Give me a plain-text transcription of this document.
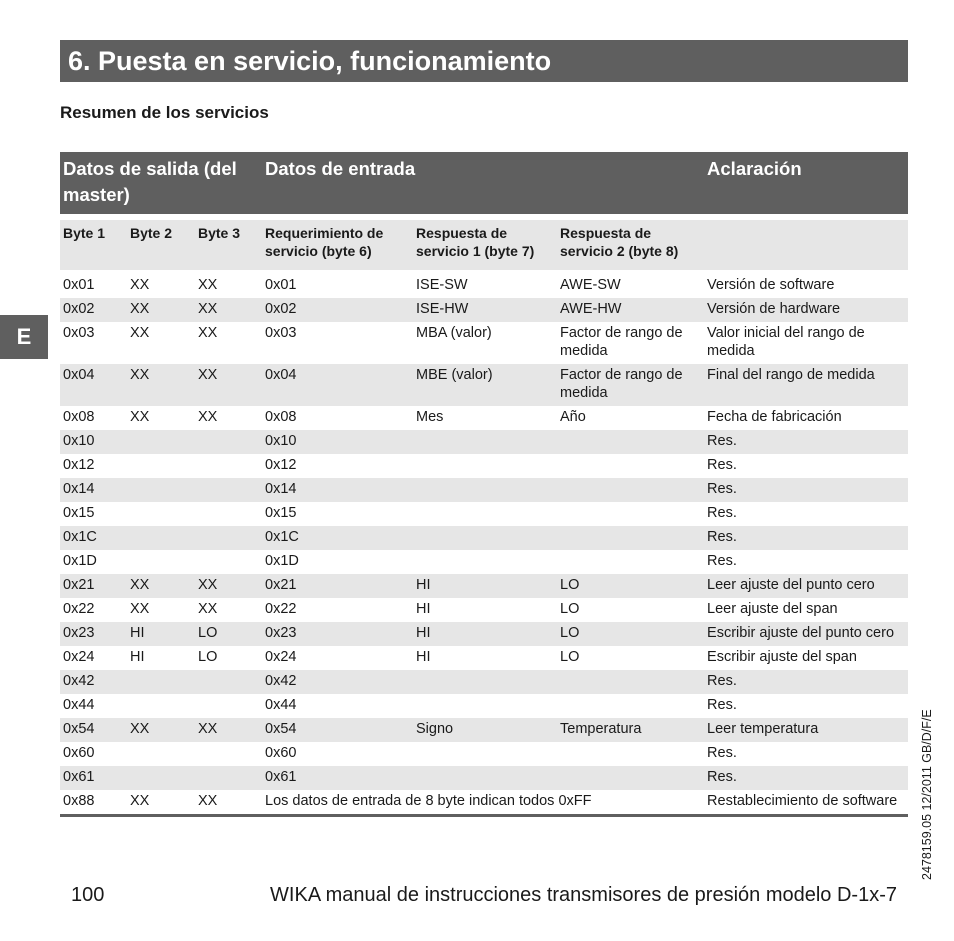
6. Puesta en servicio, funcionamiento
Resumen de los servicios
E
Datos de salida (del master)			Datos de entrada			Aclaración
Byte 1	Byte 2	Byte 3	Requerimiento de servicio (byte 6)	Respuesta de servicio 1 (byte 7)	Respuesta de servicio 2 (byte 8)	
0x01	XX	XX	0x01	ISE-SW	AWE-SW	Versión de software
0x02	XX	XX	0x02	ISE-HW	AWE-HW	Versión de hardware
0x03	XX	XX	0x03	MBA (valor)	Factor de rango de medida	Valor inicial del rango de medida
0x04	XX	XX	0x04	MBE (valor)	Factor de rango de medida	Final del rango de medida
0x08	XX	XX	0x08	Mes	Año	Fecha de fabricación
0x10			0x10			Res.
0x12			0x12			Res.
0x14			0x14			Res.
0x15			0x15			Res.
0x1C			0x1C			Res.
0x1D			0x1D			Res.
0x21	XX	XX	0x21	HI	LO	Leer ajuste del punto cero
0x22	XX	XX	0x22	HI	LO	Leer ajuste del span
0x23	HI	LO	0x23	HI	LO	Escribir ajuste del punto cero
0x24	HI	LO	0x24	HI	LO	Escribir ajuste del span
0x42			0x42			Res.
0x44			0x44			Res.
0x54	XX	XX	0x54	Signo	Temperatura	Leer temperatura
0x60			0x60			Res.
0x61			0x61			Res.
0x88	XX	XX	Los datos de entrada de 8 byte indican todos 0xFF			Restablecimiento de software
100	WIKA manual de instrucciones transmisores de presión modelo D-1x-7
2478159.05 12/2011 GB/D/F/E
